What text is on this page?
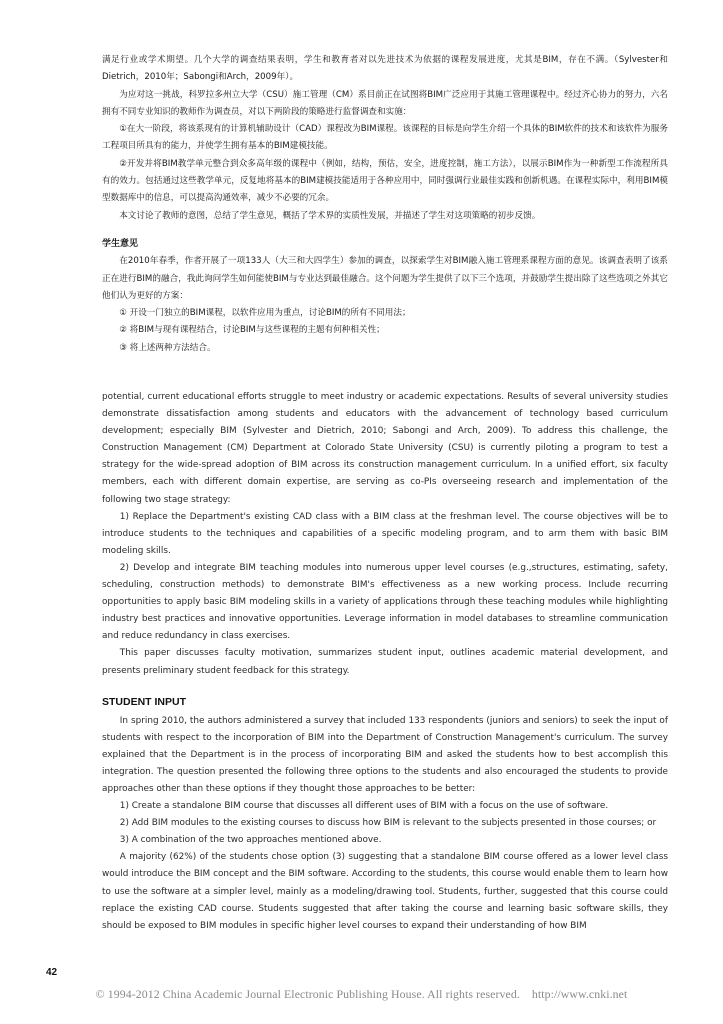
满足行业或学术期望。几个大学的调查结果表明，学生和教育者对以先进技术为依据的课程发展进度，尤其是BIM，存在不满。（Sylvester和Dietrich，2010年；Sabongi和Arch，2009年）。

为应对这一挑战，科罗拉多州立大学（CSU）施工管理（CM）系目前正在试图将BIM广泛应用于其施工管理课程中。经过齐心协力的努力，六名拥有不同专业知识的教师作为调查员，对以下两阶段的策略进行监督调查和实施：

①在大一阶段，将该系现有的计算机辅助设计（CAD）课程改为BIM课程。该课程的目标是向学生介绍一个具体的BIM软件的技术和该软件为服务工程项目所具有的能力，并使学生拥有基本的BIM建模技能。

②开发并将BIM教学单元整合到众多高年级的课程中（例如，结构，预估，安全，进度控制，施工方法），以展示BIM作为一种新型工作流程所具有的效力。包括通过这些教学单元，反复地将基本的BIM建模技能适用于各种应用中，同时强调行业最佳实践和创新机遇。在课程实际中，利用BIM模型数据库中的信息，可以提高沟通效率，减少不必要的冗余。

本文讨论了教师的意图，总结了学生意见，概括了学术界的实质性发展，并描述了学生对这项策略的初步反馈。

学生意见

在2010年春季，作者开展了一项133人（大三和大四学生）参加的调查，以探索学生对BIM融入施工管理系课程方面的意见。该调查表明了该系正在进行BIM的融合，我此询问学生如何能使BIM与专业达到最佳融合。这个问题为学生提供了以下三个选项，并鼓励学生提出除了这些选项之外其它他们认为更好的方案：

① 开设一门独立的BIM课程，以软件应用为重点，讨论BIM的所有不同用法；

② 将BIM与现有课程结合，讨论BIM与这些课程的主题有何种相关性；

③ 将上述两种方法结合。

potential, current educational efforts struggle to meet industry or academic expectations. Results of several university studies demonstrate dissatisfaction among students and educators with the advancement of technology based curriculum development; especially BIM (Sylvester and Dietrich, 2010; Sabongi and Arch, 2009). To address this challenge, the Construction Management (CM) Department at Colorado State University (CSU) is currently piloting a program to test a strategy for the wide-spread adoption of BIM across its construction management curriculum. In a unified effort, six faculty members, each with different domain expertise, are serving as co-PIs overseeing research and implementation of the following two stage strategy:

1) Replace the Department's existing CAD class with a BIM class at the freshman level. The course objectives will be to introduce students to the techniques and capabilities of a specific modeling program, and to arm them with basic BIM modeling skills.

2) Develop and integrate BIM teaching modules into numerous upper level courses (e.g.,structures, estimating, safety, scheduling, construction methods) to demonstrate BIM's effectiveness as a new working process. Include recurring opportunities to apply basic BIM modeling skills in a variety of applications through these teaching modules while highlighting industry best practices and innovative opportunities. Leverage information in model databases to streamline communication and reduce redundancy in class exercises.

This paper discusses faculty motivation, summarizes student input, outlines academic material development, and presents preliminary student feedback for this strategy.

STUDENT INPUT

In spring 2010, the authors administered a survey that included 133 respondents (juniors and seniors) to seek the input of students with respect to the incorporation of BIM into the Department of Construction Management's curriculum. The survey explained that the Department is in the process of incorporating BIM and asked the students how to best accomplish this integration. The question presented the following three options to the students and also encouraged the students to provide approaches other than these options if they thought those approaches to be better:

1) Create a standalone BIM course that discusses all different uses of BIM with a focus on the use of software.

2) Add BIM modules to the existing courses to discuss how BIM is relevant to the subjects presented in those courses; or

3) A combination of the two approaches mentioned above.

A majority (62%) of the students chose option (3) suggesting that a standalone BIM course offered as a lower level class would introduce the BIM concept and the BIM software. According to the students, this course would enable them to learn how to use the software at a simpler level, mainly as a modeling/drawing tool. Students, further, suggested that this course could replace the existing CAD course. Students suggested that after taking the course and learning basic software skills, they should be exposed to BIM modules in specific higher level courses to expand their understanding of how BIM

42
© 1994-2012 China Academic Journal Electronic Publishing House. All rights reserved. http://www.cnki.net
